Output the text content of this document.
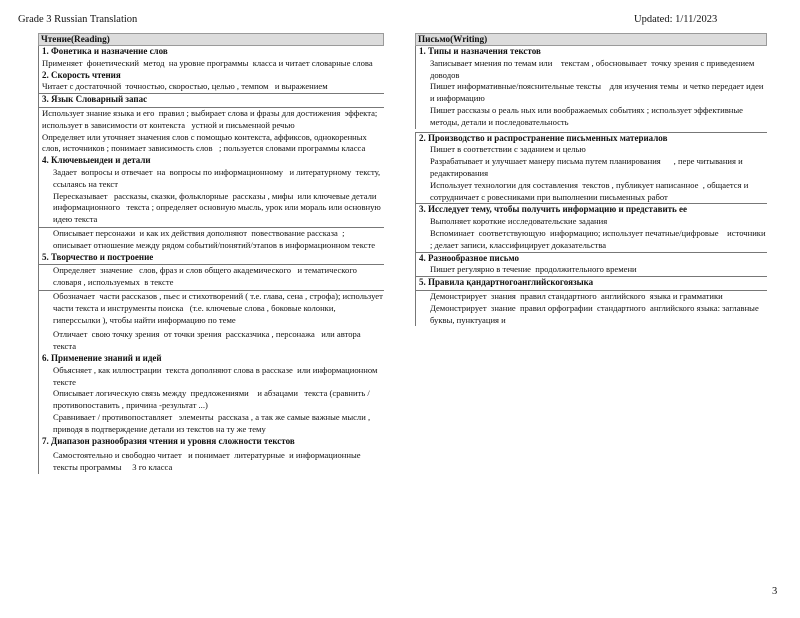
Grade 3 Russian Translation	Updated: 1/11/2023
Чтение(Reading)
1. Фонетика и назначение слов
Применяет  фонетический  метод  на уровне программы  класса и читает словарные слова
2. Скорость чтения
Читает с достаточной  точностью, скоростью, целью , темпом   и выражением
3. Язык Словарный запас
Использует знание языка и его  правил ; выбирает слова и фразы для достижения  эффекта; использует в зависимости от контекста   устной и письменной речью
Определяет или уточняет значения слов с помощью контекста, аффиксов, однокоренных слов, источников ; понимает зависимость слов   ; пользуется словами программы класса
4. Ключевыеидеи и детали
Задает  вопросы и отвечает  на  вопросы по информационному   и литературному  тексту, ссылаясь на текст
Пересказывает   рассказы, сказки, фольклорные  рассказы , мифы  или ключевые детали  информационного   текста ; определяет основную мысль, урок или мораль или основную идею текста
Описывает персонажи  и как их действия дополняют  повествование рассказа  ; описывает отношение между рядом событий/понятий/этапов в информационном тексте
5. Творчество и построение
Определяет  значение   слов, фраз и слов общего академического   и тематического   словаря , используемых  в тексте
Обозначает  части рассказов , пьес и стихотворений ( т.е. глава, сена , строфа); использует части текста и инструменты поиска   (т.е. ключевые слова , боковые колонки, гиперссылки ), чтобы найти информацию по теме
Отличает  свою точку зрения  от точки зрения  рассказчика , персонажа   или автора  текста
6. Применение знаний и идей
Объясняет , как иллюстрации  текста дополняют слова в рассказе  или информационном    тексте
Описывает логическую связь между  предложениями    и абзацами   текста (сравнить / противопоставить , причина -результат ...)
Сравнивает / противопоставляет   элементы  рассказа , а так же самые важные мысли , приводя в подтверждение детали из текстов на ту же тему
7. Диапазон разнообразия чтения и уровня сложности текстов
Самостоятельно и свободно читает   и понимает  литературные  и информационные тексты программы     3 го класса
Письмо(Writing)
1. Типы и назначения текстов
Записывает мнения по темам или    текстам , обосновывает  точку зрения с приведением    доводов
Пишет информативные/пояснительные тексты    для изучения темы  и четко передает идеи и информацию
Пишет рассказы о реаль ных или воображаемых событиях ; использует эффективные методы, детали и последовательность
2. Производство и распространение письменных материалов
Пишет в соответствии с заданием и целью
Разрабатывает и улучшает манеру письма путем планирования      , пере читывания и редактирования
Использует технологии для составления  текстов , публикует написанное  , общается и сотрудничает с ровесниками при выполнении письменных работ
3. Исследует тему, чтобы получить информацию и представить ее
Выполняет короткие исследовательские задания
Вспоминает  соответствующую  информацию; использует печатные/цифровые    источники ; делает записи, классифицирует доказательства
4. Разнообразное письмо
Пишет регулярно в течение  продолжительного времени
5. Правила қандартногоанглийскогоязыка
Демонстрирует  знания  правил стандартного  английского  языка и грамматики
Демонстрирует  знание  правил орфографии  стандартного  английского языка: заглавные буквы, пунктуация и
3
